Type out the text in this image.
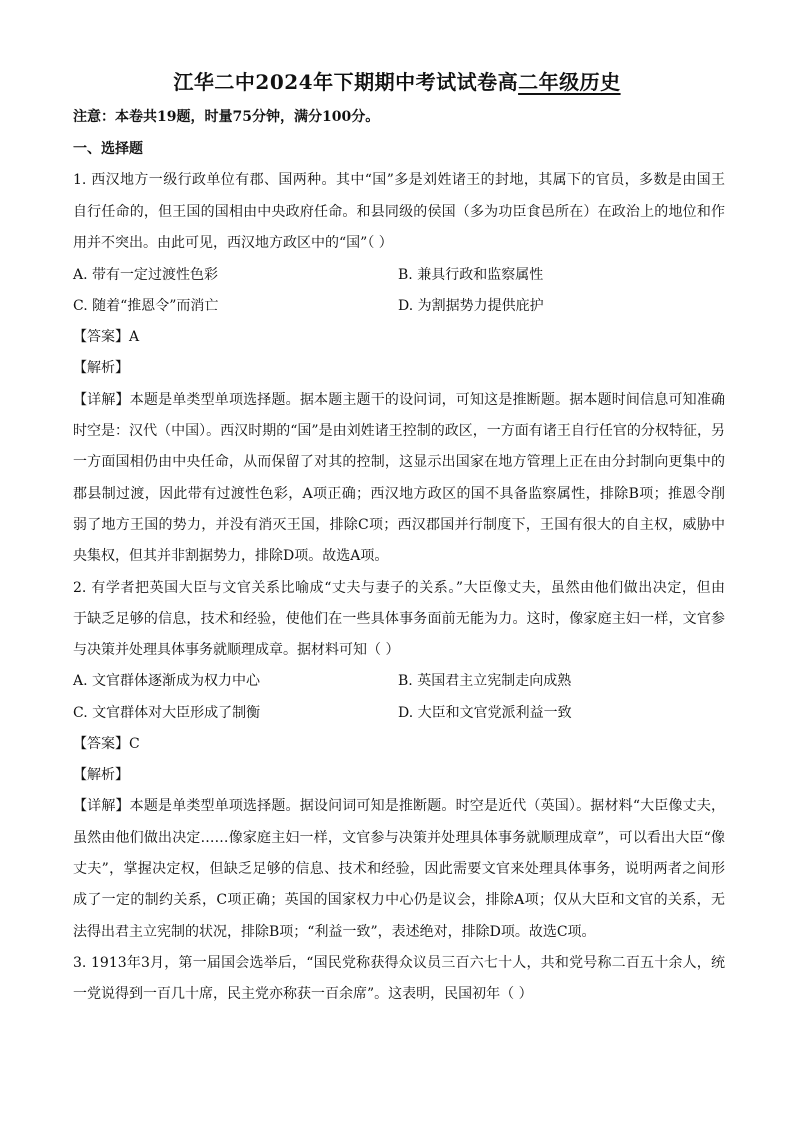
江华二中2024年下期期中考试试卷高二年级历史
注意：本卷共19题，时量75分钟，满分100分。
一、选择题
1. 西汉地方一级行政单位有郡、国两种。其中“国”多是刘姓诸王的封地，其属下的官员，多数是由国王
自行任命的，但王国的国相由中央政府任命。和县同级的侯国（多为功臣食邑所在）在政治上的地位和作
用并不突出。由此可见，西汉地方政区中的“国”（ ）
A. 带有一定过渡性色彩	B. 兼具行政和监察属性
C. 随着“推恩令”而消亡	D. 为割据势力提供庇护
【答案】A
【解析】
【详解】本题是单类型单项选择题。据本题主题干的设问词，可知这是推断题。据本题时间信息可知准确
时空是：汉代（中国）。西汉时期的“国”是由刘姓诸王控制的政区，一方面有诸王自行任官的分权特征，另
一方面国相仍由中央任命，从而保留了对其的控制，这显示出国家在地方管理上正在由分封制向更集中的
郡县制过渡，因此带有过渡性色彩，A项正确；西汉地方政区的国不具备监察属性，排除B项；推恩令削
弱了地方王国的势力，并没有消灭王国，排除C项；西汉郡国并行制度下，王国有很大的自主权，威胁中
央集权，但其并非割据势力，排除D项。故选A项。
2. 有学者把英国大臣与文官关系比喻成“丈夫与妻子的关系。”大臣像丈夫，虽然由他们做出决定，但由
于缺乏足够的信息，技术和经验，使他们在一些具体事务面前无能为力。这时，像家庭主妇一样，文官参
与决策并处理具体事务就顺理成章。据材料可知（ ）
A. 文官群体逐渐成为权力中心	B. 英国君主立宪制走向成熟
C. 文官群体对大臣形成了制衡	D. 大臣和文官党派利益一致
【答案】C
【解析】
【详解】本题是单类型单项选择题。据设问词可知是推断题。时空是近代（英国）。据材料“大臣像丈夫，
虽然由他们做出决定……像家庭主妇一样，文官参与决策并处理具体事务就顺理成章”，可以看出大臣“像
丈夫”，掌握决定权，但缺乏足够的信息、技术和经验，因此需要文官来处理具体事务，说明两者之间形
成了一定的制约关系，C项正确；英国的国家权力中心仍是议会，排除A项；仅从大臣和文官的关系，无
法得出君主立宪制的状况，排除B项；“利益一致”，表述绝对，排除D项。故选C项。
3. 1913年3月，第一届国会选举后，“国民党称获得众议员三百六七十人，共和党号称二百五十余人，统
一党说得到一百几十席，民主党亦称获一百余席”。这表明，民国初年（ ）
